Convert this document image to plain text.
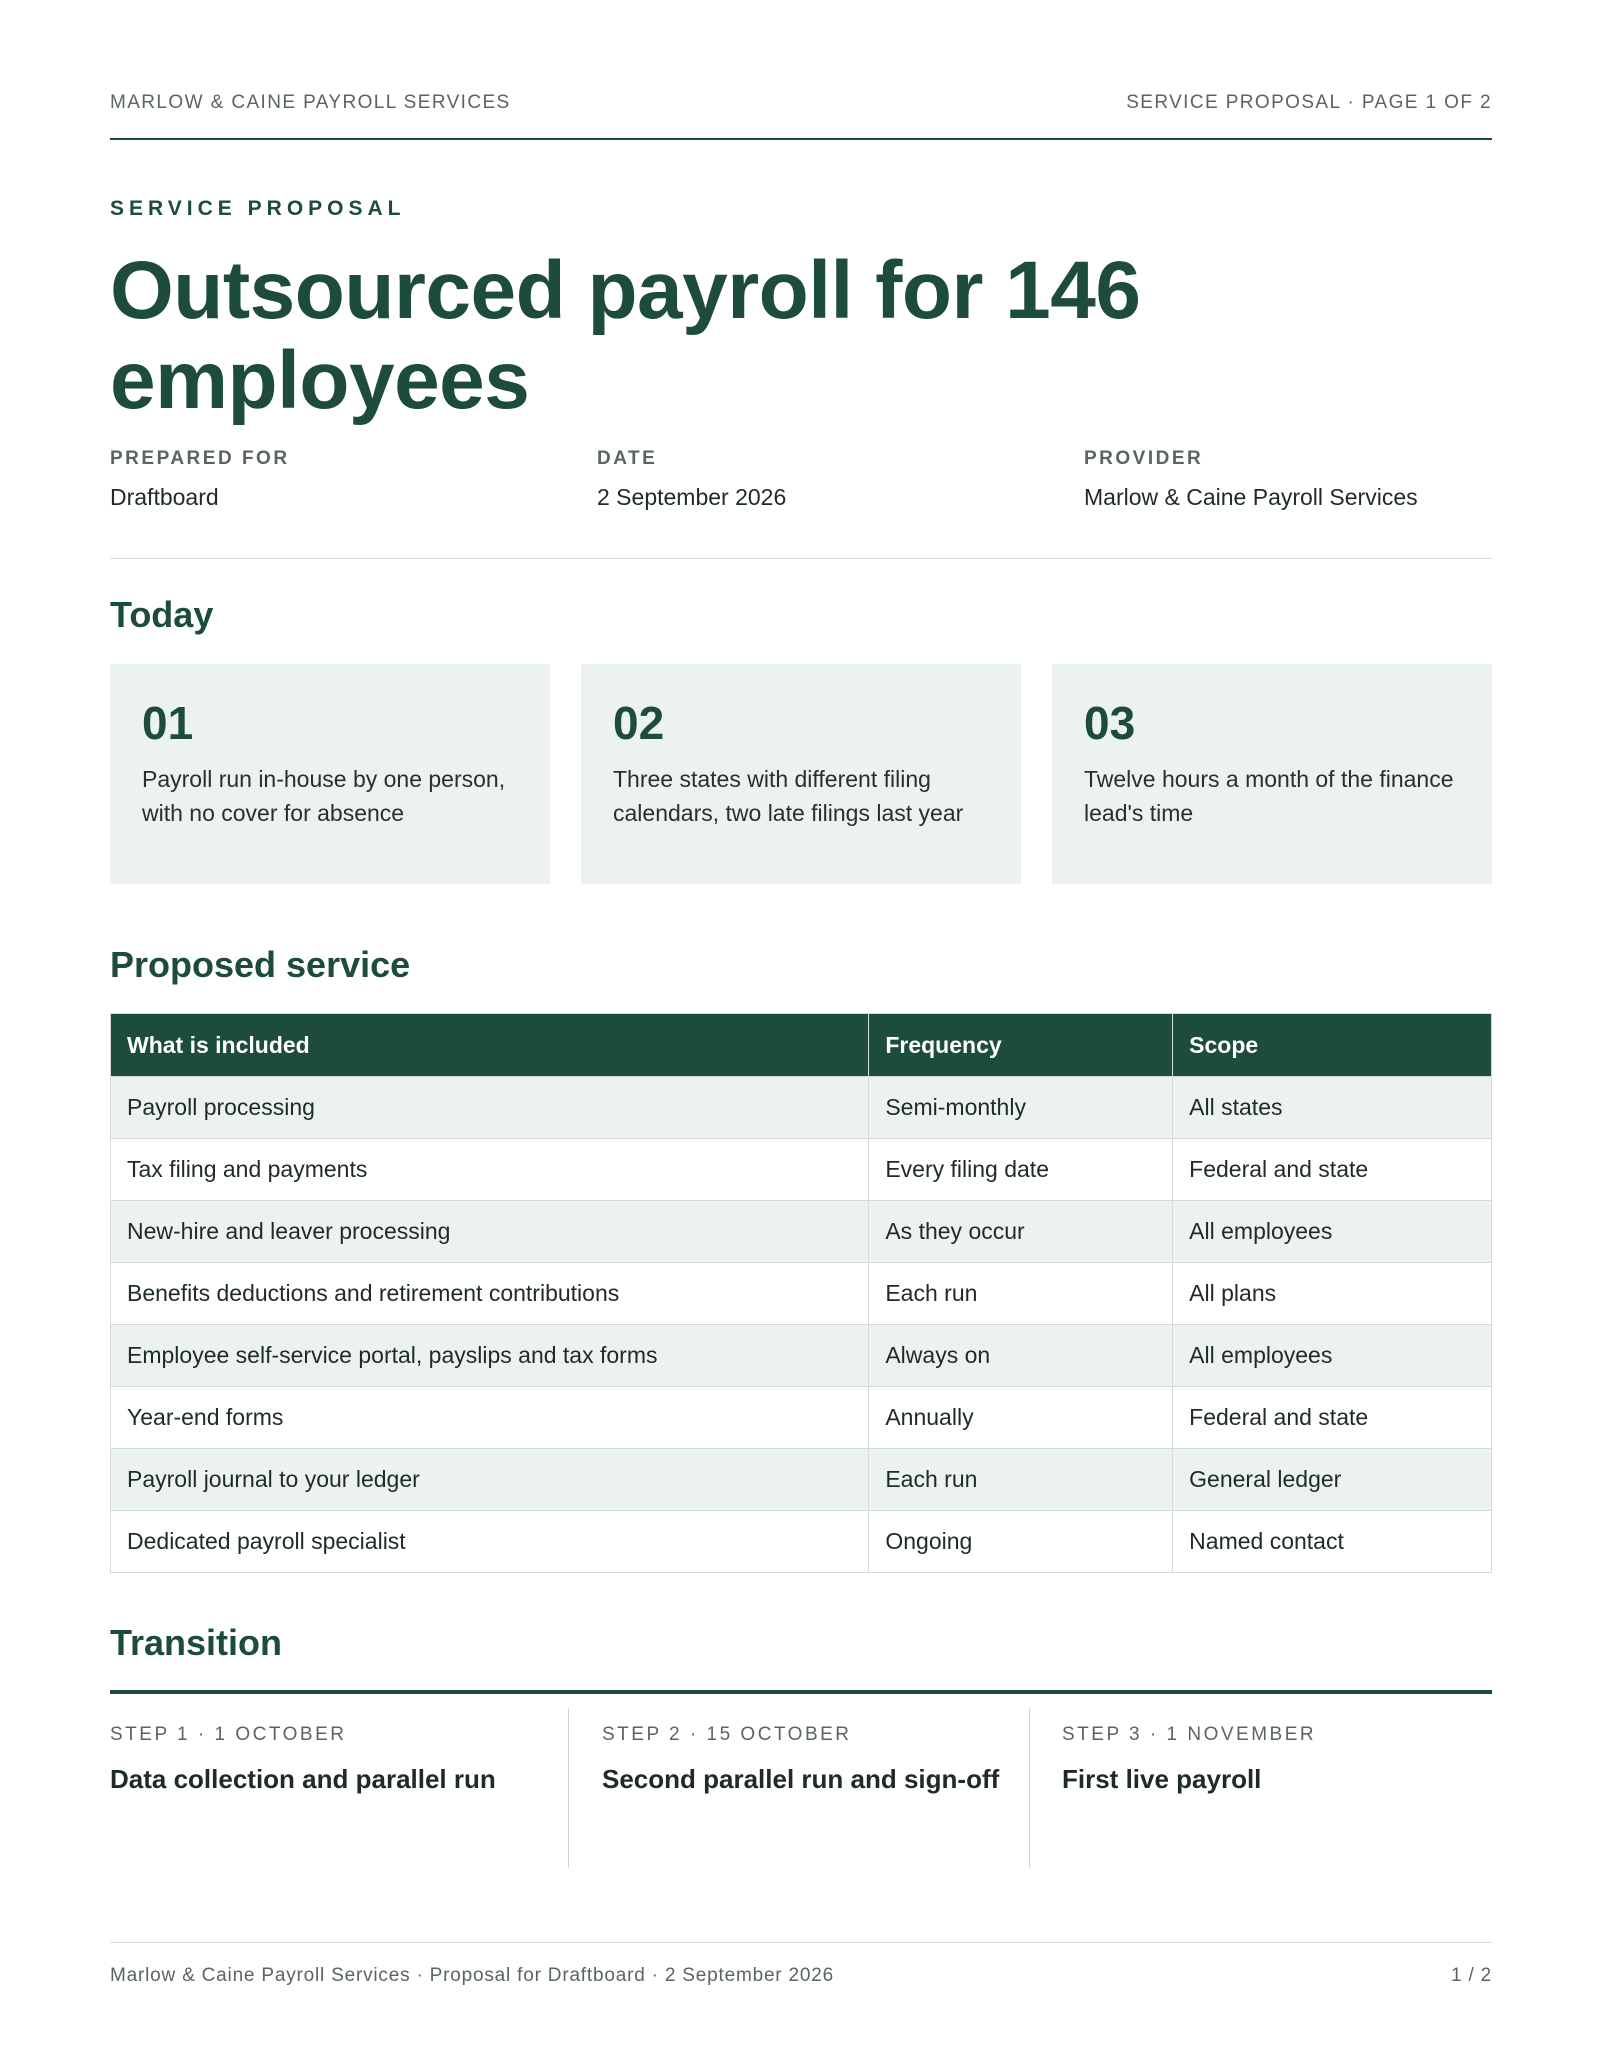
MARLOW & CAINE PAYROLL SERVICES	SERVICE PROPOSAL · PAGE 1 OF 2
SERVICE PROPOSAL
Outsourced payroll for 146 employees
PREPARED FOR
Draftboard
DATE
2 September 2026
PROVIDER
Marlow & Caine Payroll Services
Today
01
Payroll run in-house by one person, with no cover for absence
02
Three states with different filing calendars, two late filings last year
03
Twelve hours a month of the finance lead's time
Proposed service
What is included	Frequency	Scope
Payroll processing	Semi-monthly	All states
Tax filing and payments	Every filing date	Federal and state
New-hire and leaver processing	As they occur	All employees
Benefits deductions and retirement contributions	Each run	All plans
Employee self-service portal, payslips and tax forms	Always on	All employees
Year-end forms	Annually	Federal and state
Payroll journal to your ledger	Each run	General ledger
Dedicated payroll specialist	Ongoing	Named contact
Transition
STEP 1 · 1 OCTOBER
Data collection and parallel run
STEP 2 · 15 OCTOBER
Second parallel run and sign-off
STEP 3 · 1 NOVEMBER
First live payroll
Marlow & Caine Payroll Services · Proposal for Draftboard · 2 September 2026	1 / 2
